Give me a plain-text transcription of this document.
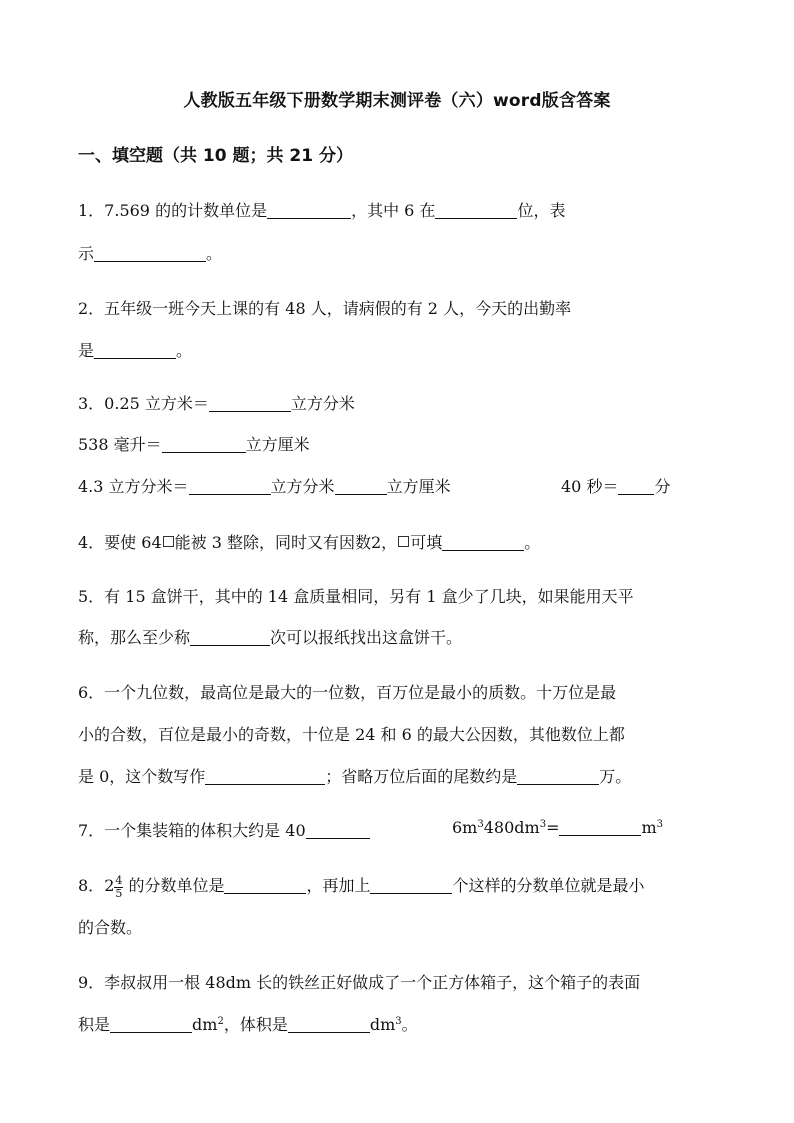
人教版五年级下册数学期末测评卷（六）word版含答案
一、填空题（共 10 题；共 21 分）
1．7.569 的的计数单位是	，其中 6 在	位，表
示	。
2．五年级一班今天上课的有 48 人，请病假的有 2 人，今天的出勤率
是	。
3．0.25 立方米＝	立方分米
538 毫升＝	立方厘米
4.3 立方分米＝	立方分米	立方厘米	40 秒＝ 分
4．要使 64 能被 3 整除，同时又有因数2， 可填	。
5．有 15 盒饼干，其中的 14 盒质量相同，另有 1 盒少了几块，如果能用天平
称，那么至少称	次可以报纸找出这盒饼干。
6．一个九位数，最高位是最大的一位数，百万位是最小的质数。十万位是最
小的合数，百位是最小的奇数，十位是 24 和 6 的最大公因数，其他数位上都
是 0，这个数写作	；省略万位后面的尾数约是	万。
7．一个集装箱的体积大约是 40	$6m^3480dm^3=$	$m^3$
8．$2 \frac{4}{5}$ 的分数单位是	，再加上	个这样的分数单位就是最小
的合数。
9．李叔叔用一根 48dm 长的铁丝正好做成了一个正方体箱子，这个箱子的表面
积是	$dm^2$，体积是	$dm^3$。
